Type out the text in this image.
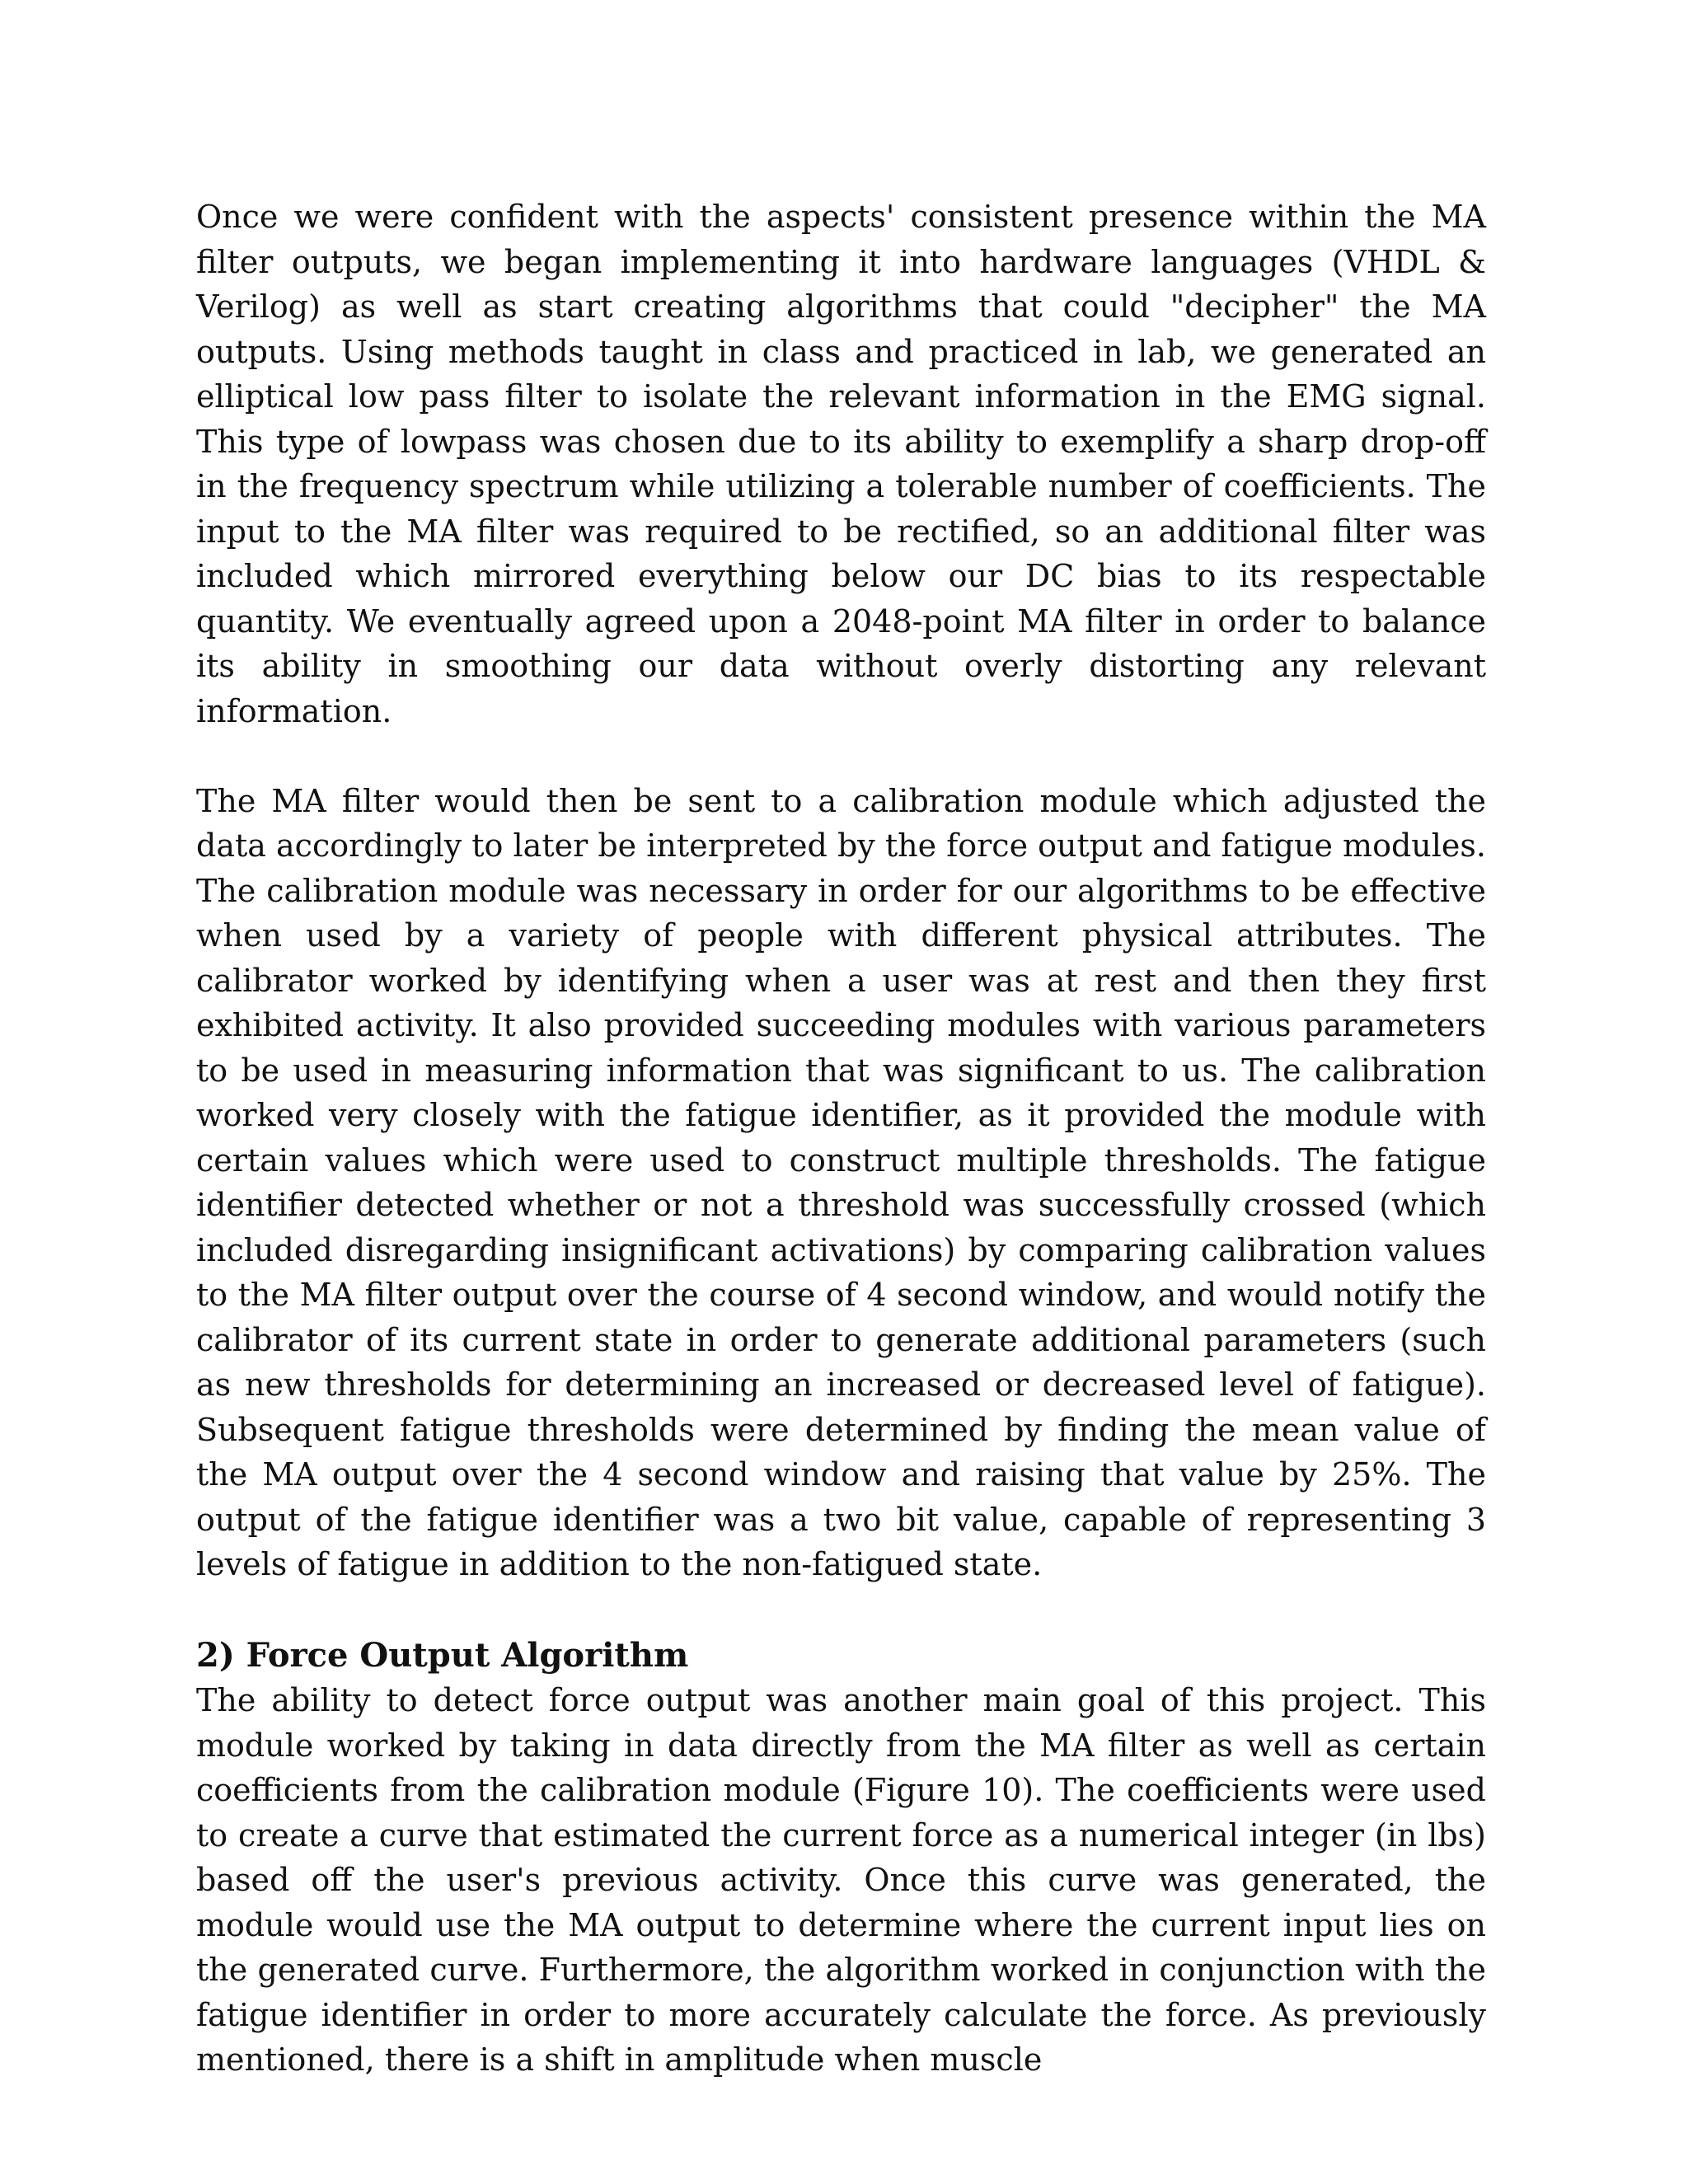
Once we were confident with the aspects' consistent presence within the MA filter outputs, we began implementing it into hardware languages (VHDL & Verilog) as well as start creating algorithms that could "decipher" the MA outputs. Using methods taught in class and practiced in lab, we generated an elliptical low pass filter to isolate the relevant information in the EMG signal. This type of lowpass was chosen due to its ability to exemplify a sharp drop-off in the frequency spectrum while utilizing a tolerable number of coefficients. The input to the MA filter was required to be rectified, so an additional filter was included which mirrored everything below our DC bias to its respectable quantity. We eventually agreed upon a 2048-point MA filter in order to balance its ability in smoothing our data without overly distorting any relevant information.

The MA filter would then be sent to a calibration module which adjusted the data accordingly to later be interpreted by the force output and fatigue modules. The calibration module was necessary in order for our algorithms to be effective when used by a variety of people with different physical attributes. The calibrator worked by identifying when a user was at rest and then they first exhibited activity. It also provided succeeding modules with various parameters to be used in measuring information that was significant to us. The calibration worked very closely with the fatigue identifier, as it provided the module with certain values which were used to construct multiple thresholds. The fatigue identifier detected whether or not a threshold was successfully crossed (which included disregarding insignificant activations) by comparing calibration values to the MA filter output over the course of 4 second window, and would notify the calibrator of its current state in order to generate additional parameters (such as new thresholds for determining an increased or decreased level of fatigue). Subsequent fatigue thresholds were determined by finding the mean value of the MA output over the 4 second window and raising that value by 25%. The output of the fatigue identifier was a two bit value, capable of representing 3 levels of fatigue in addition to the non-fatigued state.

2) Force Output Algorithm

The ability to detect force output was another main goal of this project. This module worked by taking in data directly from the MA filter as well as certain coefficients from the calibration module (Figure 10). The coefficients were used to create a curve that estimated the current force as a numerical integer (in lbs) based off the user's previous activity. Once this curve was generated, the module would use the MA output to determine where the current input lies on the generated curve. Furthermore, the algorithm worked in conjunction with the fatigue identifier in order to more accurately calculate the force. As previously mentioned, there is a shift in amplitude when muscle
